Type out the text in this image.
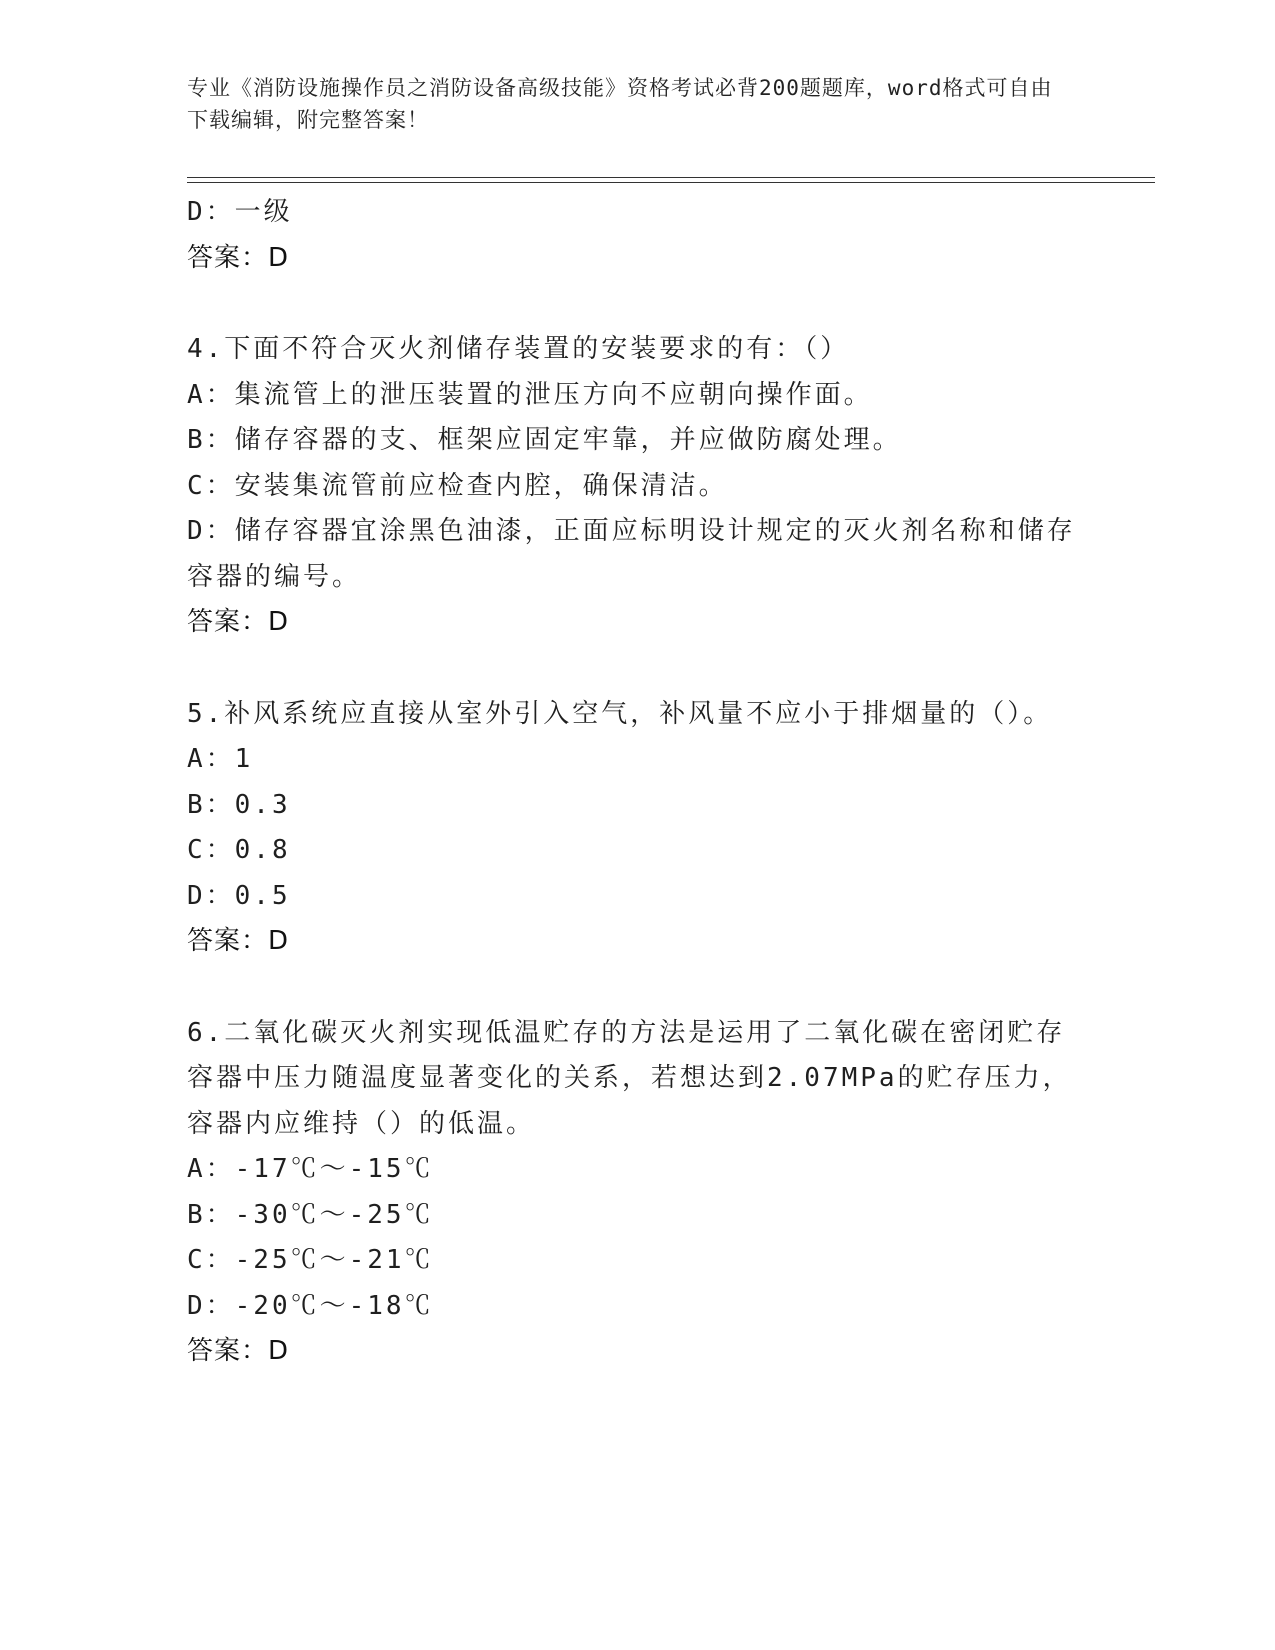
专业《消防设施操作员之消防设备高级技能》资格考试必背200题题库，word格式可自由下载编辑，附完整答案！
D：一级
答案：D
4.下面不符合灭火剂储存装置的安装要求的有：（）
A：集流管上的泄压装置的泄压方向不应朝向操作面。
B：储存容器的支、框架应固定牢靠，并应做防腐处理。
C：安装集流管前应检查内腔，确保清洁。
D：储存容器宜涂黑色油漆，正面应标明设计规定的灭火剂名称和储存容器的编号。
答案：D
5.补风系统应直接从室外引入空气，补风量不应小于排烟量的（）。
A：1
B：0.3
C：0.8
D：0.5
答案：D
6.二氧化碳灭火剂实现低温贮存的方法是运用了二氧化碳在密闭贮存容器中压力随温度显著变化的关系，若想达到2.07MPa的贮存压力，容器内应维持（）的低温。
A：-17℃～-15℃
B：-30℃～-25℃
C：-25℃～-21℃
D：-20℃～-18℃
答案：D
